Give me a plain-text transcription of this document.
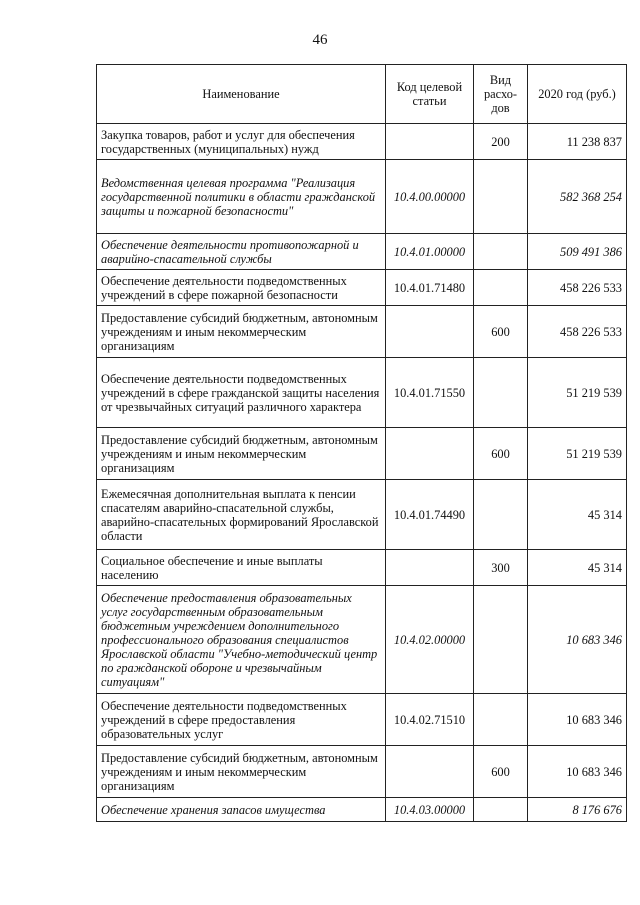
46
Наименование	Код целевой статьи	Вид расхо-дов	2020 год (руб.)
Закупка товаров, работ и услуг для обеспечения государственных (муниципальных) нужд		200	11 238 837
Ведомственная целевая программа "Реализация государственной политики в области гражданской защиты и пожарной безопасности"	10.4.00.00000		582 368 254
Обеспечение деятельности противопожарной и аварийно-спасательной службы	10.4.01.00000		509 491 386
Обеспечение деятельности подведомственных учреждений в сфере пожарной безопасности	10.4.01.71480		458 226 533
Предоставление субсидий бюджетным, автономным учреждениям и иным некоммерческим организациям		600	458 226 533
Обеспечение деятельности подведомственных учреждений в сфере гражданской защиты населения от чрезвычайных ситуаций различного характера	10.4.01.71550		51 219 539
Предоставление субсидий бюджетным, автономным учреждениям и иным некоммерческим организациям		600	51 219 539
Ежемесячная дополнительная выплата к пенсии спасателям аварийно-спасательной службы, аварийно-спасательных формирований Ярославской области	10.4.01.74490		45 314
Социальное обеспечение и иные выплаты населению		300	45 314
Обеспечение предоставления образовательных услуг государственным образовательным бюджетным учреждением дополнительного профессионального образования специалистов Ярославской области "Учебно-методический центр по гражданской обороне и чрезвычайным ситуациям"	10.4.02.00000		10 683 346
Обеспечение деятельности подведомственных учреждений в сфере предоставления образовательных услуг	10.4.02.71510		10 683 346
Предоставление субсидий бюджетным, автономным учреждениям и иным некоммерческим организациям		600	10 683 346
Обеспечение хранения запасов имущества	10.4.03.00000		8 176 676
